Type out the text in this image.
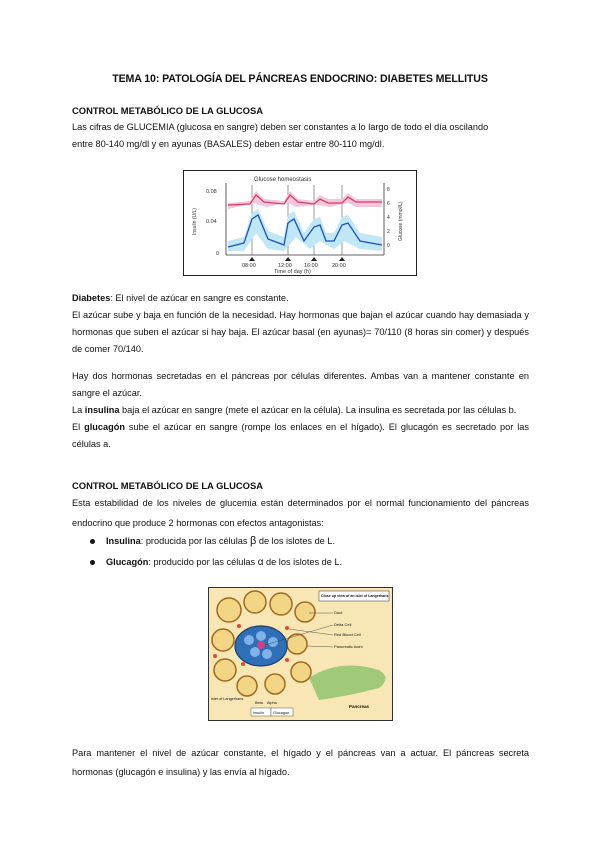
TEMA 10: PATOLOGÍA DEL PÁNCREAS ENDOCRINO: DIABETES MELLITUS
CONTROL METABÓLICO DE LA GLUCOSA

Las cifras de GLUCEMIA (glucosa en sangre) deben ser constantes a lo largo de todo el día oscilando

entre 80-140 mg/dl y en ayunas (BASALES) deben estar entre 80-110 mg/dl.

Glucose homeostasis
0.08
0.04
0
Insulin (U/L)
8
6
4
2
0
Glucose (mmol/L)
08:00	12:00 16:00	20:00
Time of day (h)

Diabetes: El nivel de azúcar en sangre es constante.

El azúcar sube y baja en función de la necesidad. Hay hormonas que bajan el azúcar cuando hay demasiada y hormonas que suben el azúcar si hay baja. El azúcar basal (en ayunas)= 70/110 (8 horas sin comer) y después de comer 70/140.

Hay dos hormonas secretadas en el páncreas por células diferentes. Ambas van a mantener constante en sangre el azúcar.

La insulina baja el azúcar en sangre (mete el azúcar en la célula). La insulina es secretada por las células b.

El glucagón sube el azúcar en sangre (rompe los enlaces en el hígado). El glucagón es secretado por las células a.

CONTROL METABÓLICO DE LA GLUCOSA
Esta estabilidad de los niveles de glucemia están determinados por el normal funcionamiento del páncreas endocrino que produce 2 hormonas con efectos antagonistas:
Insulina: producida por las células β de los islotes de L.
Glucagón: producido por las células α de los islotes de L.
Close up view of an islet of Langerhans
Duct
Delta Cell
Red Blood Cell
Pancreatic Acini
Islet of Langerhans
Beta Alpha
Insulin Glucagon
Pancreas
Para mantener el nivel de azúcar constante, el hígado y el páncreas van a actuar. El páncreas secreta hormonas (glucagón e insulina) y las envía al hígado.
